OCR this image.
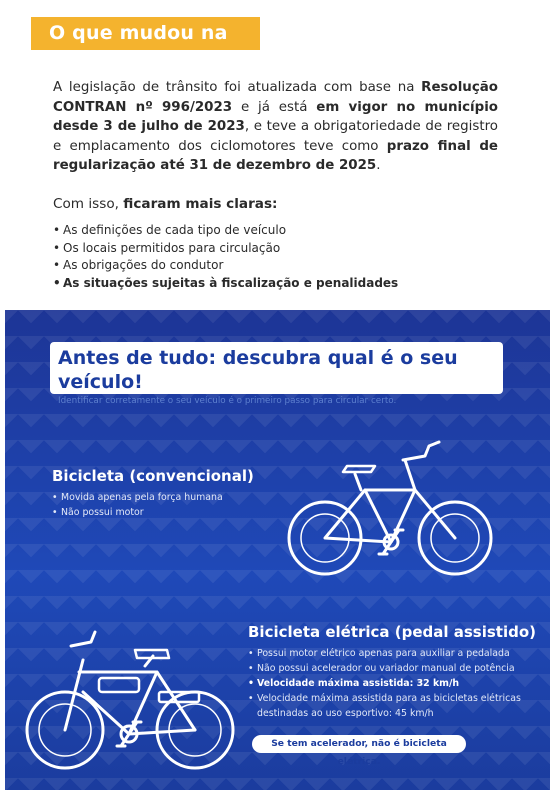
O que mudou na lei?

A legislação de trânsito foi atualizada com base na Resolução CONTRAN nº 996/2023 e já está em vigor no município desde 3 de julho de 2023, e teve a obrigatoriedade de registro e emplacamento dos ciclomotores teve como prazo final de regularização até 31 de dezembro de 2025.

Com isso, ficaram mais claras:

• As definições de cada tipo de veículo
• Os locais permitidos para circulação
• As obrigações do condutor
• As situações sujeitas à fiscalização e penalidades
Antes de tudo: descubra qual é o seu veículo!
Identificar corretamente o seu veículo é o primeiro passo para circular certo.
Bicicleta (convencional)
• Movida apenas pela força humana
• Não possui motor
Bicicleta elétrica (pedal assistido)
• Possui motor elétrico apenas para auxiliar a pedalada
• Não possui acelerador ou variador manual de potência
• Velocidade máxima assistida: 32 km/h
• Velocidade máxima assistida para as bicicletas elétricas destinadas ao uso esportivo: 45 km/h
Se tem acelerador, não é bicicleta elétrica.
